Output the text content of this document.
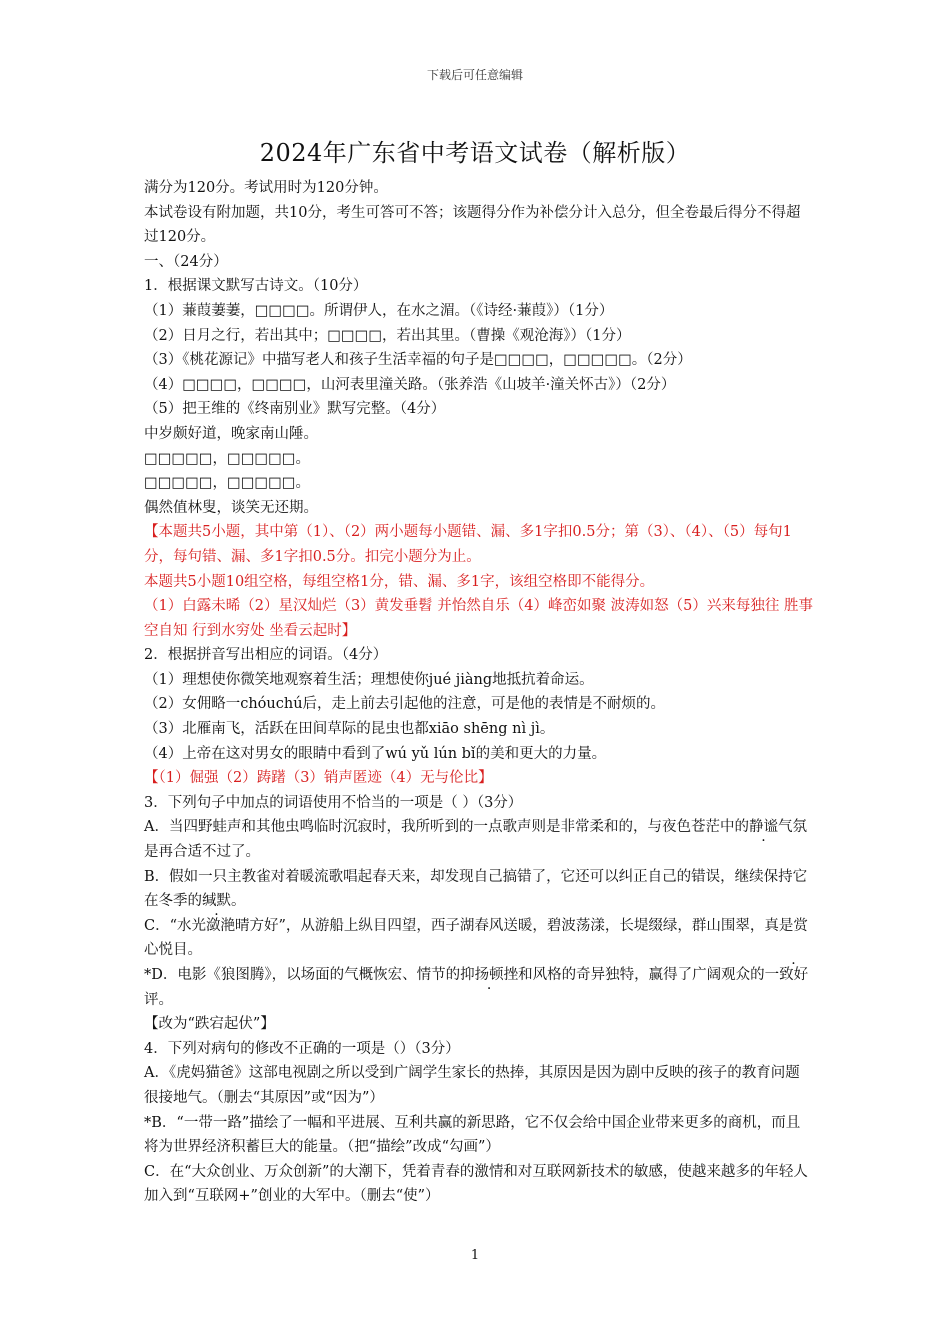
下载后可任意编辑
2024年广东省中考语文试卷（解析版）

满分为120分。考试用时为120分钟。

本试卷设有附加题，共10分，考生可答可不答；该题得分作为补偿分计入总分，但全卷最后得分不得超过120分。

一、（24分）

1．根据课文默写古诗文。（10分）

（1）蒹葭萋萋，□□□□。所谓伊人，在水之湄。（《诗经·蒹葭》）（1分）

（2）日月之行，若出其中；□□□□，若出其里。（曹操《观沧海》）（1分）

（3）《桃花源记》中描写老人和孩子生活幸福的句子是□□□□，□□□□□。（2分）

（4）□□□□，□□□□，山河表里潼关路。（张养浩《山坡羊·潼关怀古》）（2分）

（5）把王维的《终南别业》默写完整。（4分）

中岁颇好道，晚家南山陲。

□□□□□，□□□□□。

□□□□□，□□□□□。

偶然值林叟，谈笑无还期。

【本题共5小题，其中第（1）、（2）两小题每小题错、漏、多1字扣0.5分；第（3）、（4）、（5）每句1分，每句错、漏、多1字扣0.5分。扣完小题分为止。

本题共5小题10组空格，每组空格1分，错、漏、多1字，该组空格即不能得分。

（1）白露未晞（2）星汉灿烂（3）黄发垂髫 并怡然自乐（4）峰峦如聚 波涛如怒（5）兴来每独往 胜事空自知 行到水穷处 坐看云起时】

2．根据拼音写出相应的词语。（4分）

（1）理想使你微笑地观察着生活；理想使你jué jiàng地抵抗着命运。

（2）女佣略一chóuchú后，走上前去引起他的注意，可是他的表情是不耐烦的。

（3）北雁南飞，活跃在田间草际的昆虫也都xiāo shēng nì jì。

（4）上帝在这对男女的眼睛中看到了wú yǔ lún bǐ的美和更大的力量。

【（1）倔强（2）踌躇（3）销声匿迹（4）无与伦比】

3．下列句子中加点的词语使用不恰当的一项是（ ）（3分）

A．当四野蛙声和其他虫鸣临时沉寂时，我所听到的一点歌声则是非常柔和的，与夜色苍茫中的静谧气氛是再合适不过了。

B．假如一只主教雀对着暖流歌唱起春天来，却发现自己搞错了，它还可以纠正自己的错误，继续保持它在冬季的缄默。

C．“水光潋滟晴方好”，从游船上纵目四望，西子湖春风送暖，碧波荡漾，长堤缀绿，群山围翠，真是赏心悦目。

*D．电影《狼图腾》，以场面的气概恢宏、情节的抑扬顿挫和风格的奇异独特，赢得了广阔观众的一致好评。

【改为“跌宕起伏”】

4．下列对病句的修改不正确的一项是（）（3分）

A．《虎妈猫爸》这部电视剧之所以受到广阔学生家长的热捧，其原因是因为剧中反映的孩子的教育问题很接地气。（删去“其原因”或“因为”）

*B．“一带一路”描绘了一幅和平进展、互利共赢的新思路，它不仅会给中国企业带来更多的商机，而且将为世界经济积蓄巨大的能量。（把“描绘”改成“勾画”）

C．在“大众创业、万众创新”的大潮下，凭着青春的激情和对互联网新技术的敏感，使越来越多的年轻人加入到“互联网+”创业的大军中。（删去“使”）

1
